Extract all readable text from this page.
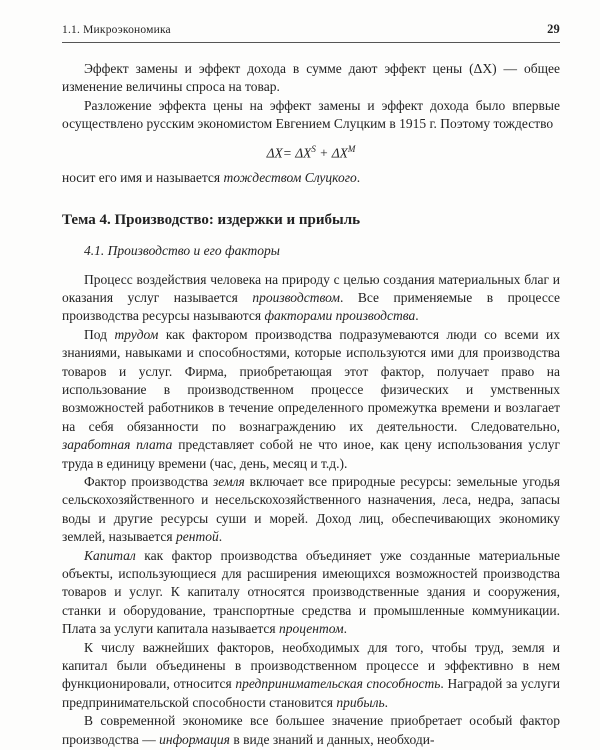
1.1. Микроэкономика	29

Эффект замены и эффект дохода в сумме дают эффект цены (ΔX) — общее изменение величины спроса на товар.

Разложение эффекта цены на эффект замены и эффект дохода было впервые осуществлено русским экономистом Евгением Слуцким в 1915 г. Поэтому тождество

$\Delta X= \Delta X^S + \Delta X^M$

носит его имя и называется тождеством Слуцкого.

Тема 4. Производство: издержки и прибыль
4.1. Производство и его факторы

Процесс воздействия человека на природу с целью создания материальных благ и оказания услуг называется производством. Все применяемые в процессе производства ресурсы называются факторами производства.

Под трудом как фактором производства подразумеваются люди со всеми их знаниями, навыками и способностями, которые используются ими для производства товаров и услуг. Фирма, приобретающая этот фактор, получает право на использование в производственном процессе физических и умственных возможностей работников в течение определенного промежутка времени и возлагает на себя обязанности по вознаграждению их деятельности. Следовательно, заработная плата представляет собой не что иное, как цену использования услуг труда в единицу времени (час, день, месяц и т.д.).

Фактор производства земля включает все природные ресурсы: земельные угодья сельскохозяйственного и несельскохозяйственного назначения, леса, недра, запасы воды и другие ресурсы суши и морей. Доход лиц, обеспечивающих экономику землей, называется рентой.

Капитал как фактор производства объединяет уже созданные материальные объекты, использующиеся для расширения имеющихся возможностей производства товаров и услуг. К капиталу относятся производственные здания и сооружения, станки и оборудование, транспортные средства и промышленные коммуникации. Плата за услуги капитала называется процентом.

К числу важнейших факторов, необходимых для того, чтобы труд, земля и капитал были объединены в производственном процессе и эффективно в нем функционировали, относится предпринимательская способность. Наградой за услуги предпринимательской способности становится прибыль.

В современной экономике все большее значение приобретает особый фактор производства — информация в виде знаний и данных, необходи-
